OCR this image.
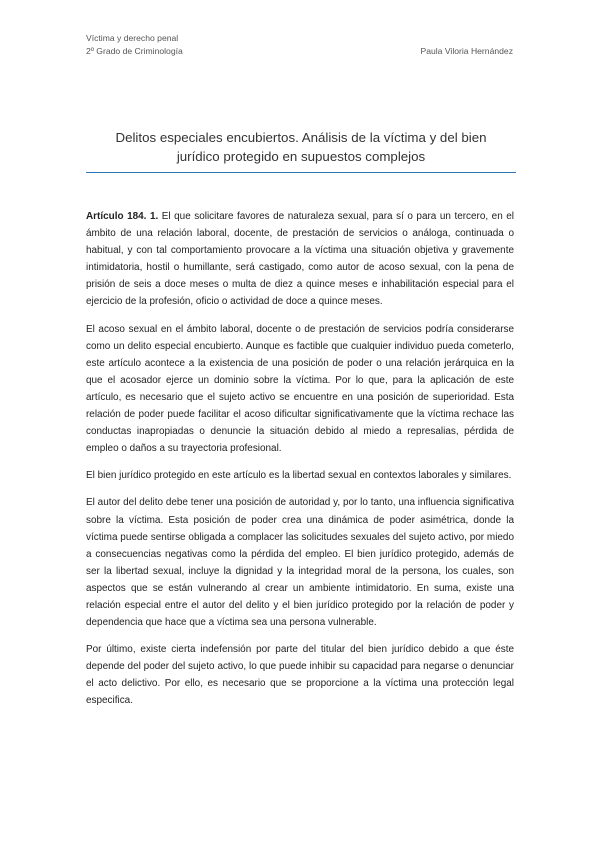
Víctima y derecho penal
2º Grado de Criminología	Paula Viloria Hernández
Delitos especiales encubiertos. Análisis de la víctima y del bien
jurídico protegido en supuestos complejos

Artículo 184. 1. El que solicitare favores de naturaleza sexual, para sí o para un tercero, en el ámbito de una relación laboral, docente, de prestación de servicios o análoga, continuada o habitual, y con tal comportamiento provocare a la víctima una situación objetiva y gravemente intimidatoria, hostil o humillante, será castigado, como autor de acoso sexual, con la pena de prisión de seis a doce meses o multa de diez a quince meses e inhabilitación especial para el ejercicio de la profesión, oficio o actividad de doce a quince meses.

El acoso sexual en el ámbito laboral, docente o de prestación de servicios podría considerarse como un delito especial encubierto. Aunque es factible que cualquier individuo pueda cometerlo, este artículo acontece a la existencia de una posición de poder o una relación jerárquica en la que el acosador ejerce un dominio sobre la víctima. Por lo que, para la aplicación de este artículo, es necesario que el sujeto activo se encuentre en una posición de superioridad. Esta relación de poder puede facilitar el acoso dificultar significativamente que la víctima rechace las conductas inapropiadas o denuncie la situación debido al miedo a represalias, pérdida de empleo o daños a su trayectoria profesional.

El bien jurídico protegido en este artículo es la libertad sexual en contextos laborales y similares.

El autor del delito debe tener una posición de autoridad y, por lo tanto, una influencia significativa sobre la víctima. Esta posición de poder crea una dinámica de poder asimétrica, donde la víctima puede sentirse obligada a complacer las solicitudes sexuales del sujeto activo, por miedo a consecuencias negativas como la pérdida del empleo. El bien jurídico protegido, además de ser la libertad sexual, incluye la dignidad y la integridad moral de la persona, los cuales, son aspectos que se están vulnerando al crear un ambiente intimidatorio. En suma, existe una relación especial entre el autor del delito y el bien jurídico protegido por la relación de poder y dependencia que hace que a víctima sea una persona vulnerable.

Por último, existe cierta indefensión por parte del titular del bien jurídico debido a que éste depende del poder del sujeto activo, lo que puede inhibir su capacidad para negarse o denunciar el acto delictivo. Por ello, es necesario que se proporcione a la víctima una protección legal especifica.
